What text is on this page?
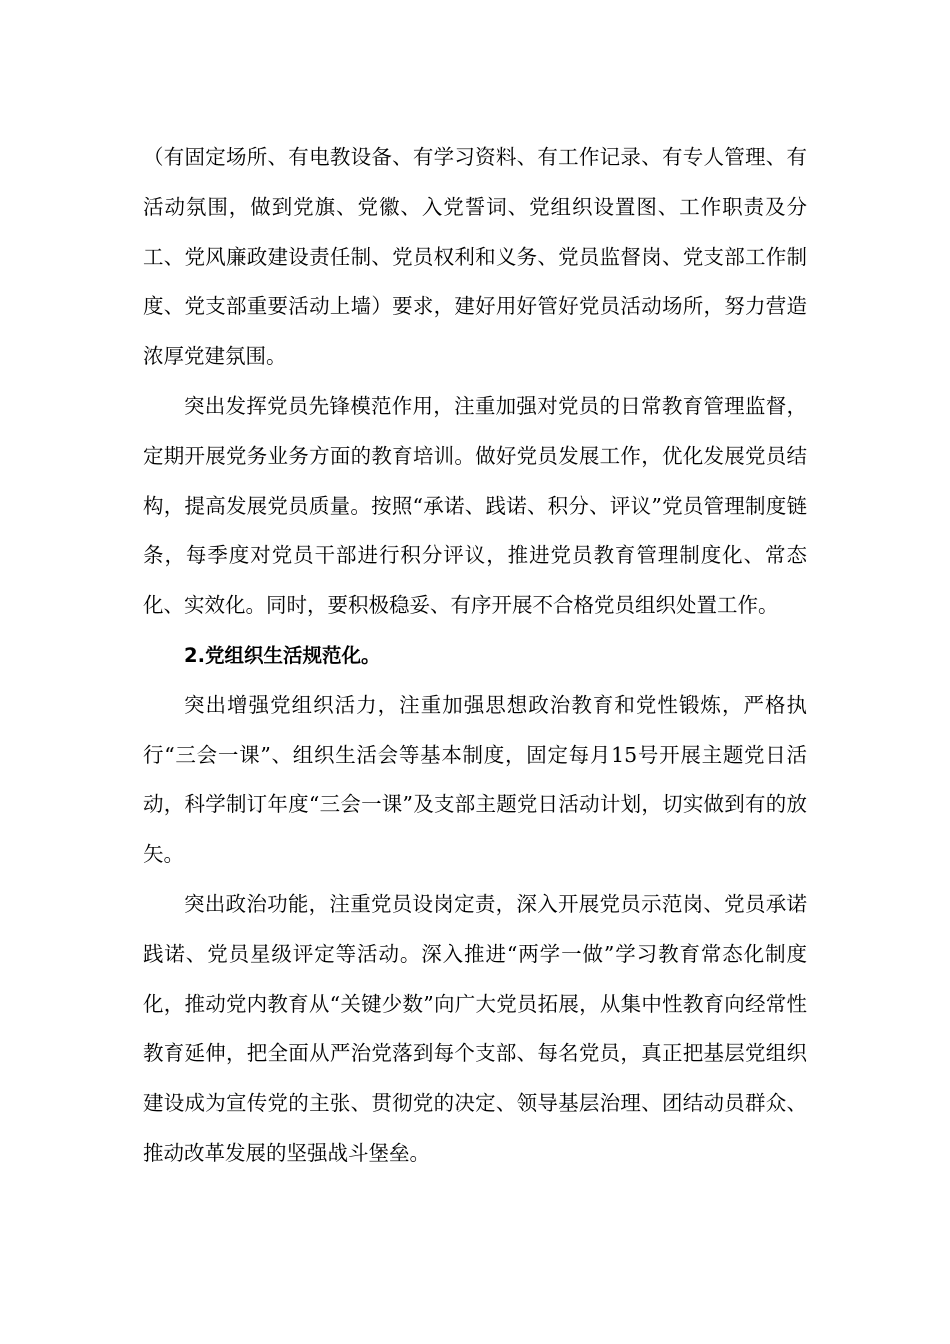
（有固定场所、有电教设备、有学习资料、有工作记录、有专人管理、有活动氛围，做到党旗、党徽、入党誓词、党组织设置图、工作职责及分工、党风廉政建设责任制、党员权利和义务、党员监督岗、党支部工作制度、党支部重要活动上墙）要求，建好用好管好党员活动场所，努力营造浓厚党建氛围。

突出发挥党员先锋模范作用，注重加强对党员的日常教育管理监督，定期开展党务业务方面的教育培训。做好党员发展工作，优化发展党员结构，提高发展党员质量。按照“承诺、践诺、积分、评议”党员管理制度链条，每季度对党员干部进行积分评议，推进党员教育管理制度化、常态化、实效化。同时，要积极稳妥、有序开展不合格党员组织处置工作。

2.党组织生活规范化。

突出增强党组织活力，注重加强思想政治教育和党性锻炼，严格执行“三会一课”、组织生活会等基本制度，固定每月15号开展主题党日活动，科学制订年度“三会一课”及支部主题党日活动计划，切实做到有的放矢。

突出政治功能，注重党员设岗定责，深入开展党员示范岗、党员承诺践诺、党员星级评定等活动。深入推进“两学一做”学习教育常态化制度化，推动党内教育从“关键少数”向广大党员拓展，从集中性教育向经常性教育延伸，把全面从严治党落到每个支部、每名党员，真正把基层党组织建设成为宣传党的主张、贯彻党的决定、领导基层治理、团结动员群众、推动改革发展的坚强战斗堡垒。
